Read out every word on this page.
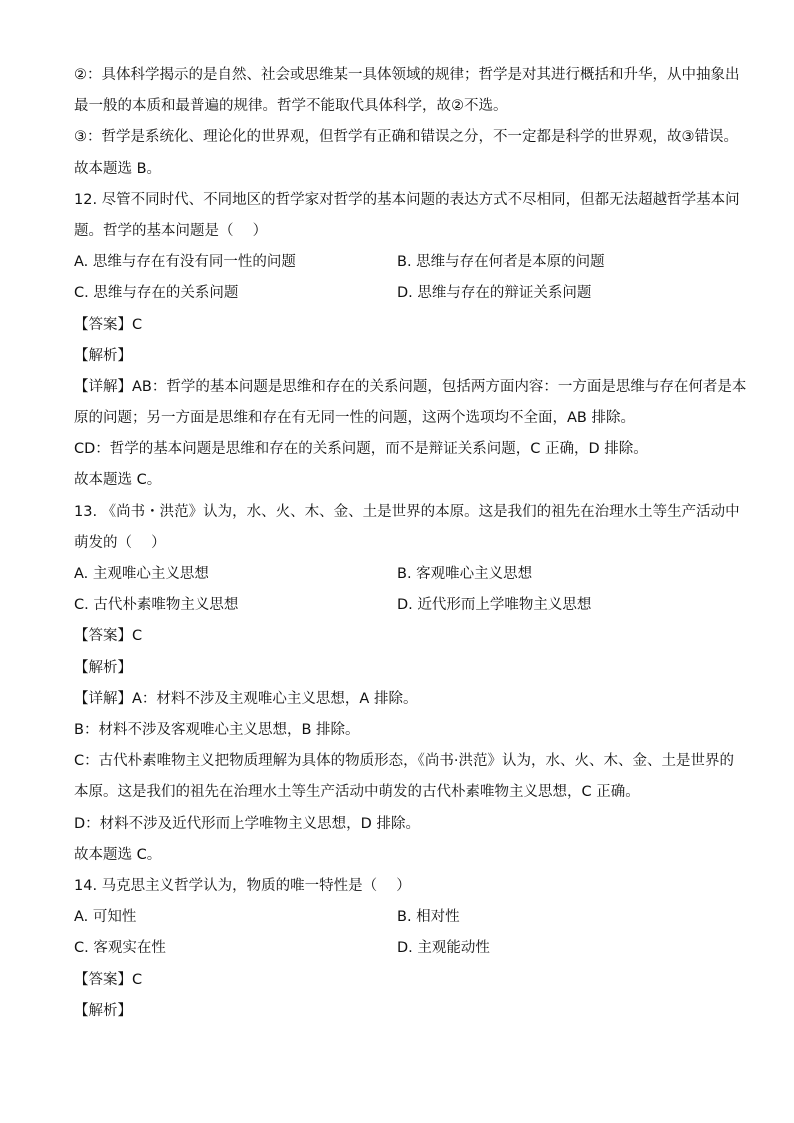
②：具体科学揭示的是自然、社会或思维某一具体领域的规律；哲学是对其进行概括和升华，从中抽象出
最一般的本质和最普遍的规律。哲学不能取代具体科学，故②不选。
③：哲学是系统化、理论化的世界观，但哲学有正确和错误之分，不一定都是科学的世界观，故③错误。
故本题选 B。
12. 尽管不同时代、不同地区的哲学家对哲学的基本问题的表达方式不尽相同，但都无法超越哲学基本问
题。哲学的基本问题是（　 ）
A. 思维与存在有没有同一性的问题	B. 思维与存在何者是本原的问题
C. 思维与存在的关系问题	D. 思维与存在的辩证关系问题
【答案】C
【解析】
【详解】AB：哲学的基本问题是思维和存在的关系问题，包括两方面内容：一方面是思维与存在何者是本
原的问题；另一方面是思维和存在有无同一性的问题，这两个选项均不全面，AB 排除。
CD：哲学的基本问题是思维和存在的关系问题，而不是辩证关系问题，C 正确，D 排除。
故本题选 C。
13. 《尚书・洪范》认为，水、火、木、金、土是世界的本原。这是我们的祖先在治理水土等生产活动中
萌发的（　 ）
A. 主观唯心主义思想	B. 客观唯心主义思想
C. 古代朴素唯物主义思想	D. 近代形而上学唯物主义思想
【答案】C
【解析】
【详解】A：材料不涉及主观唯心主义思想，A 排除。
B：材料不涉及客观唯心主义思想，B 排除。
C：古代朴素唯物主义把物质理解为具体的物质形态，《尚书·洪范》认为，水、火、木、金、土是世界的
本原。这是我们的祖先在治理水土等生产活动中萌发的古代朴素唯物主义思想，C 正确。
D：材料不涉及近代形而上学唯物主义思想，D 排除。
故本题选 C。
14. 马克思主义哲学认为，物质的唯一特性是（　 ）
A. 可知性	B. 相对性
C. 客观实在性	D. 主观能动性
【答案】C
【解析】
